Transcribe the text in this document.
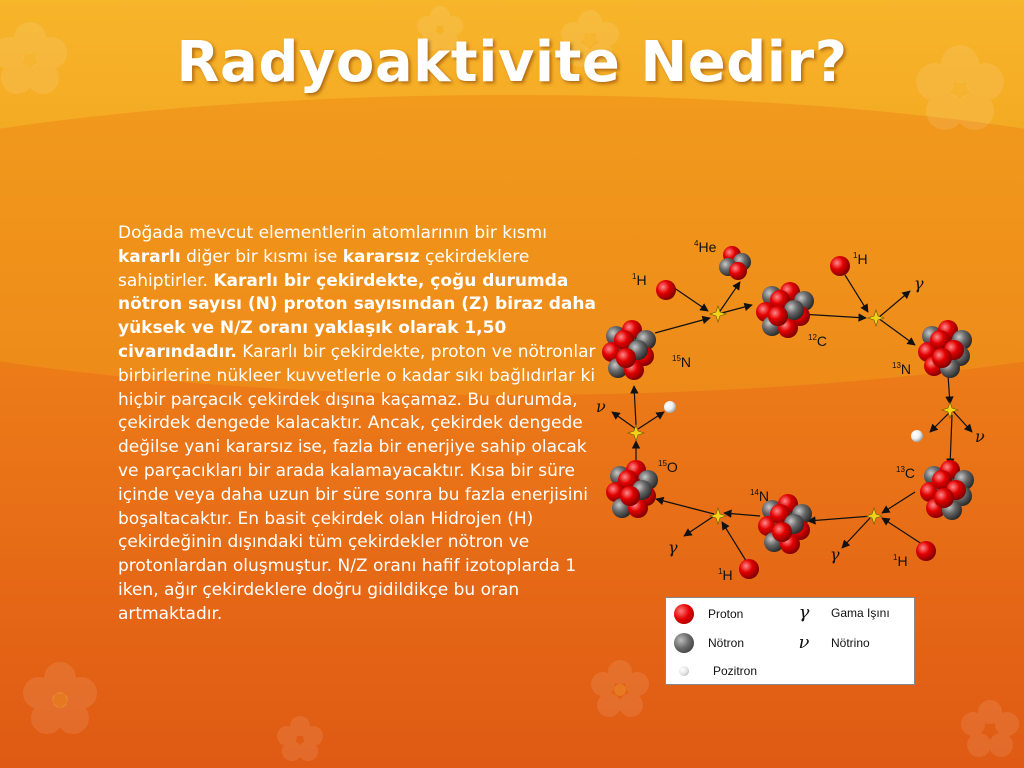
Radyoaktivite Nedir?
Doğada mevcut elementlerin atomlarının bir kısmı kararlı diğer bir kısmı ise kararsız çekirdeklere sahiptirler. Kararlı bir çekirdekte, çoğu durumda nötron sayısı (N) proton sayısından (Z) biraz daha yüksek ve N/Z oranı yaklaşık olarak 1,50 civarındadır. Kararlı bir çekirdekte, proton ve nötronlar birbirlerine nükleer kuvvetlerle o kadar sıkı bağlıdırlar ki hiçbir parçacık çekirdek dışına kaçamaz. Bu durumda, çekirdek dengede kalacaktır. Ancak, çekirdek dengede değilse yani kararsız ise, fazla bir enerjiye sahip olacak ve parçacıkları bir arada kalamayacaktır. Kısa bir süre içinde veya daha uzun bir süre sonra bu fazla enerjisini boşaltacaktır. En basit çekirdek olan Hidrojen (H) çekirdeğinin dışındaki tüm çekirdekler nötron ve protonlardan oluşmuştur. N/Z oranı hafif izotoplarda 1 iken, ağır çekirdeklere doğru gidildikçe bu oran artmaktadır.
$^4$He
$^1$H
$^1$H
$^{12}$C
$^{15}$N	$^{13}$N
$^{15}$O	$^{13}$C
$^{14}$N
$^1$H
$^1$H
γ
ν
ν
γ	γ
Proton
Nötron
Pozitron
γ	Gama Işını
ν	Nötrino
